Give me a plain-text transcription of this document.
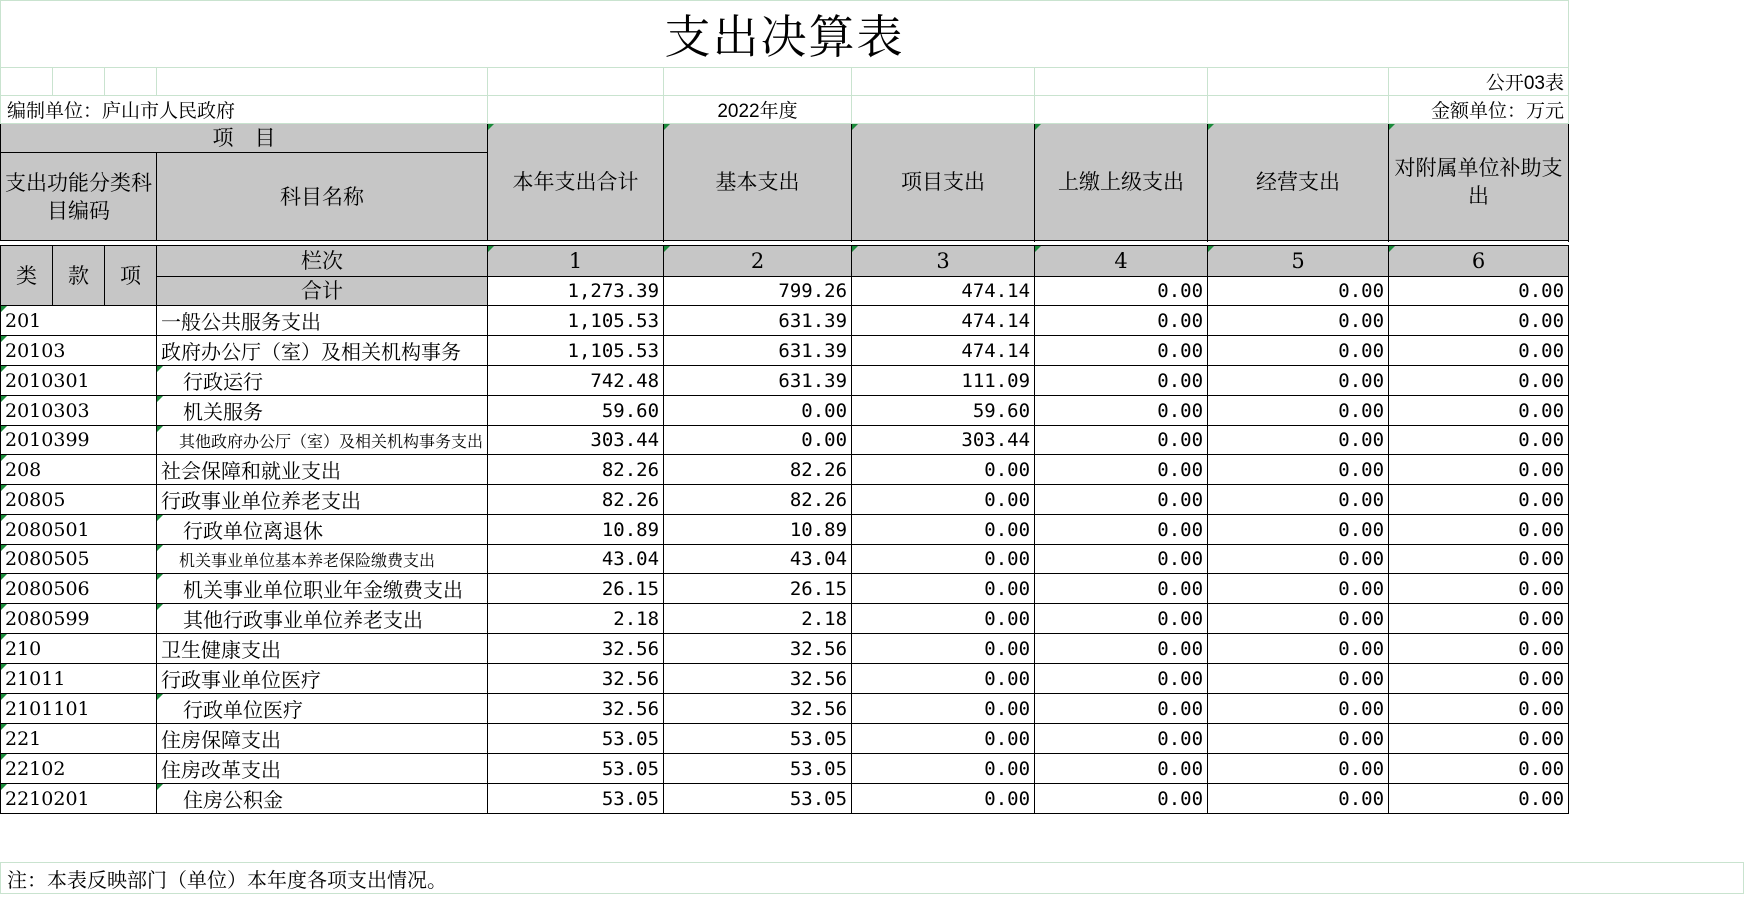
支出决算表									
									公开03表
编制单位：庐山市人民政府					2022年度				金额单位：万元
项　目				本年支出合计	基本支出	项目支出	上缴上级支出	经营支出	对附属单位补助支出
支出功能分类科目编码			科目名称						

类	款	项	栏次	1	2	3	4	5	6
			合计	1,273.39	799.26	474.14	0.00	0.00	0.00
201			一般公共服务支出	1,105.53	631.39	474.14	0.00	0.00	0.00
20103			政府办公厅（室）及相关机构事务	1,105.53	631.39	474.14	0.00	0.00	0.00
2010301			行政运行	742.48	631.39	111.09	0.00	0.00	0.00
2010303			机关服务	59.60	0.00	59.60	0.00	0.00	0.00
2010399			其他政府办公厅（室）及相关机构事务支出	303.44	0.00	303.44	0.00	0.00	0.00
208			社会保障和就业支出	82.26	82.26	0.00	0.00	0.00	0.00
20805			行政事业单位养老支出	82.26	82.26	0.00	0.00	0.00	0.00
2080501			行政单位离退休	10.89	10.89	0.00	0.00	0.00	0.00
2080505			机关事业单位基本养老保险缴费支出	43.04	43.04	0.00	0.00	0.00	0.00
2080506			机关事业单位职业年金缴费支出	26.15	26.15	0.00	0.00	0.00	0.00
2080599			其他行政事业单位养老支出	2.18	2.18	0.00	0.00	0.00	0.00
210			卫生健康支出	32.56	32.56	0.00	0.00	0.00	0.00
21011			行政事业单位医疗	32.56	32.56	0.00	0.00	0.00	0.00
2101101			行政单位医疗	32.56	32.56	0.00	0.00	0.00	0.00
221			住房保障支出	53.05	53.05	0.00	0.00	0.00	0.00
22102			住房改革支出	53.05	53.05	0.00	0.00	0.00	0.00
2210201			住房公积金	53.05	53.05	0.00	0.00	0.00	0.00
注：本表反映部门（单位）本年度各项支出情况。
